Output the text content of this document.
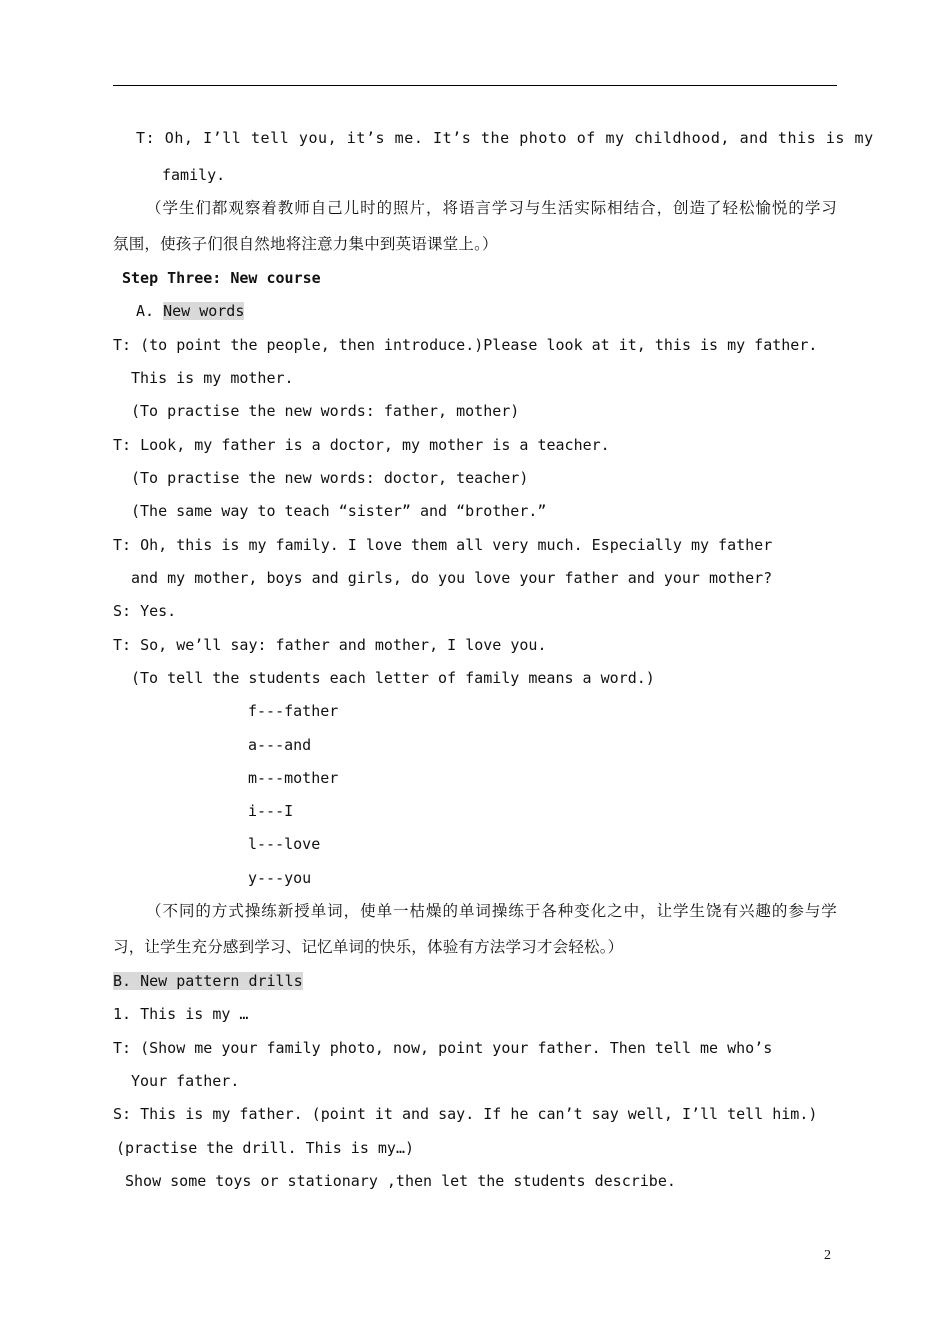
T: Oh, I’ll tell you, it’s me. It’s the photo of my childhood, and this is my
family.
（学生们都观察着教师自己儿时的照片，将语言学习与生活实际相结合，创造了轻松愉悦的学习
氛围，使孩子们很自然地将注意力集中到英语课堂上。）
Step Three: New course
A. New words
T: (to point the people, then introduce.)Please look at it, this is my father.
This is my mother.
(To practise the new words: father, mother)
T: Look, my father is a doctor, my mother is a teacher.
(To practise the new words: doctor, teacher)
(The same way to teach “sister” and “brother.”
T: Oh, this is my family. I love them all very much. Especially my father
and my mother, boys and girls, do you love your father and your mother?
S: Yes.
T: So, we’ll say: father and mother, I love you.
(To tell the students each letter of family means a word.)
f---father
a---and
m---mother
i---I
l---love
y---you
（不同的方式操练新授单词，使单一枯燥的单词操练于各种变化之中，让学生饶有兴趣的参与学
习，让学生充分感到学习、记忆单词的快乐，体验有方法学习才会轻松。）
B. New pattern drills
1. This is my …
T: (Show me your family photo, now, point your father. Then tell me who’s
Your father.
S: This is my father. (point it and say. If he can’t say well, I’ll tell him.)
(practise the drill. This is my…)
Show some toys or stationary ,then let the students describe.
2
